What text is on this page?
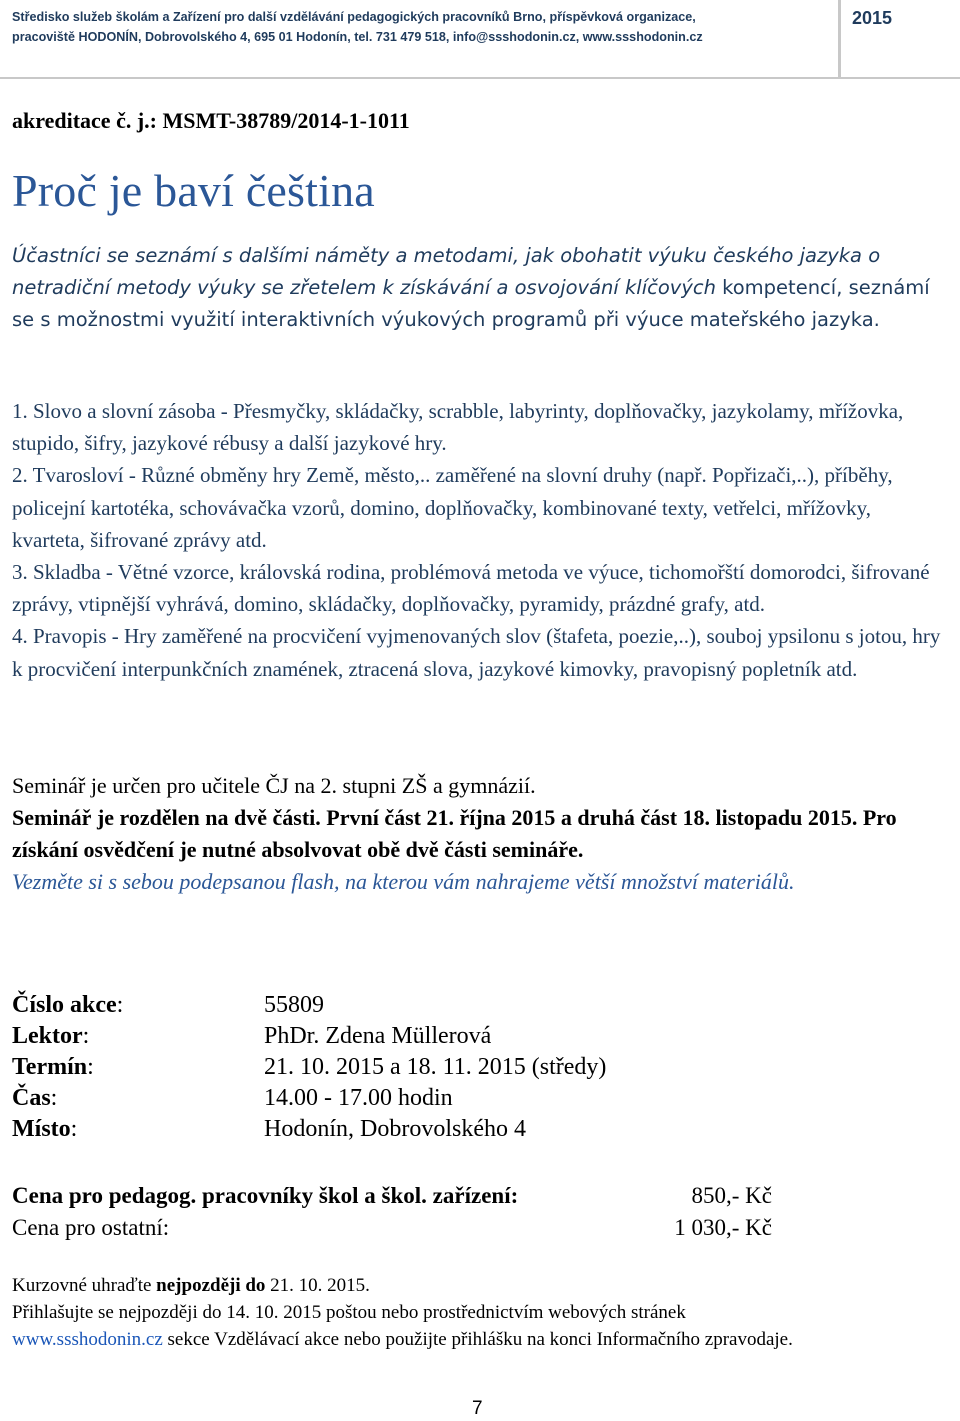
Středisko služeb školám a Zařízení pro další vzdělávání pedagogických pracovníků Brno, příspěvková organizace,
pracoviště HODONÍN, Dobrovolského 4, 695 01 Hodonín, tel. 731 479 518, info@ssshodonin.cz, www.ssshodonin.cz
2015
akreditace č. j.: MSMT-38789/2014-1-1011
Proč je baví čeština

Účastníci se seznámí s dalšími náměty a metodami, jak obohatit výuku českého jazyka o netradiční metody výuky se zřetelem k získávání a osvojování klíčových kompetencí, seznámí se s možnostmi využití interaktivních výukových programů při výuce mateřského jazyka.

1. Slovo a slovní zásoba - Přesmyčky, skládačky, scrabble, labyrinty, doplňovačky, jazykolamy, mřížovka, stupido, šifry, jazykové rébusy a další jazykové hry.
2. Tvarosloví - Různé obměny hry Země, město,.. zaměřené na slovní druhy (např. Popřizači,..), příběhy, policejní kartotéka, schovávačka vzorů, domino, doplňovačky, kombinované texty, vetřelci, mřížovky, kvarteta, šifrované zprávy atd.
3. Skladba - Větné vzorce, královská rodina, problémová metoda ve výuce, tichomořští domorodci, šifrované zprávy, vtipnější vyhrává, domino, skládačky, doplňovačky, pyramidy, prázdné grafy, atd.
4. Pravopis - Hry zaměřené na procvičení vyjmenovaných slov (štafeta, poezie,..), souboj ypsilonu s jotou, hry k procvičení interpunkčních znamének, ztracená slova, jazykové kimovky, pravopisný popletník atd.
Seminář je určen pro učitele ČJ na 2. stupni ZŠ a gymnázií.
Seminář je rozdělen na dvě části. První část 21. října 2015 a druhá část 18. listopadu 2015. Pro získání osvědčení je nutné absolvovat obě dvě části semináře.
Vezměte si s sebou podepsanou flash, na kterou vám nahrajeme větší množství materiálů.
Číslo akce:	55809
Lektor:	PhDr. Zdena Müllerová
Termín:	21. 10. 2015 a 18. 11. 2015 (středy)
Čas:	14.00 - 17.00 hodin
Místo:	Hodonín, Dobrovolského 4
Cena pro pedagog. pracovníky škol a škol. zařízení:	850,- Kč
Cena pro ostatní:	1 030,- Kč
Kurzovné uhraďte nejpozději do 21. 10. 2015.
Přihlašujte se nejpozději do 14. 10. 2015 poštou nebo prostřednictvím webových stránek
www.ssshodonin.cz sekce Vzdělávací akce nebo použijte přihlášku na konci Informačního zpravodaje.
7
